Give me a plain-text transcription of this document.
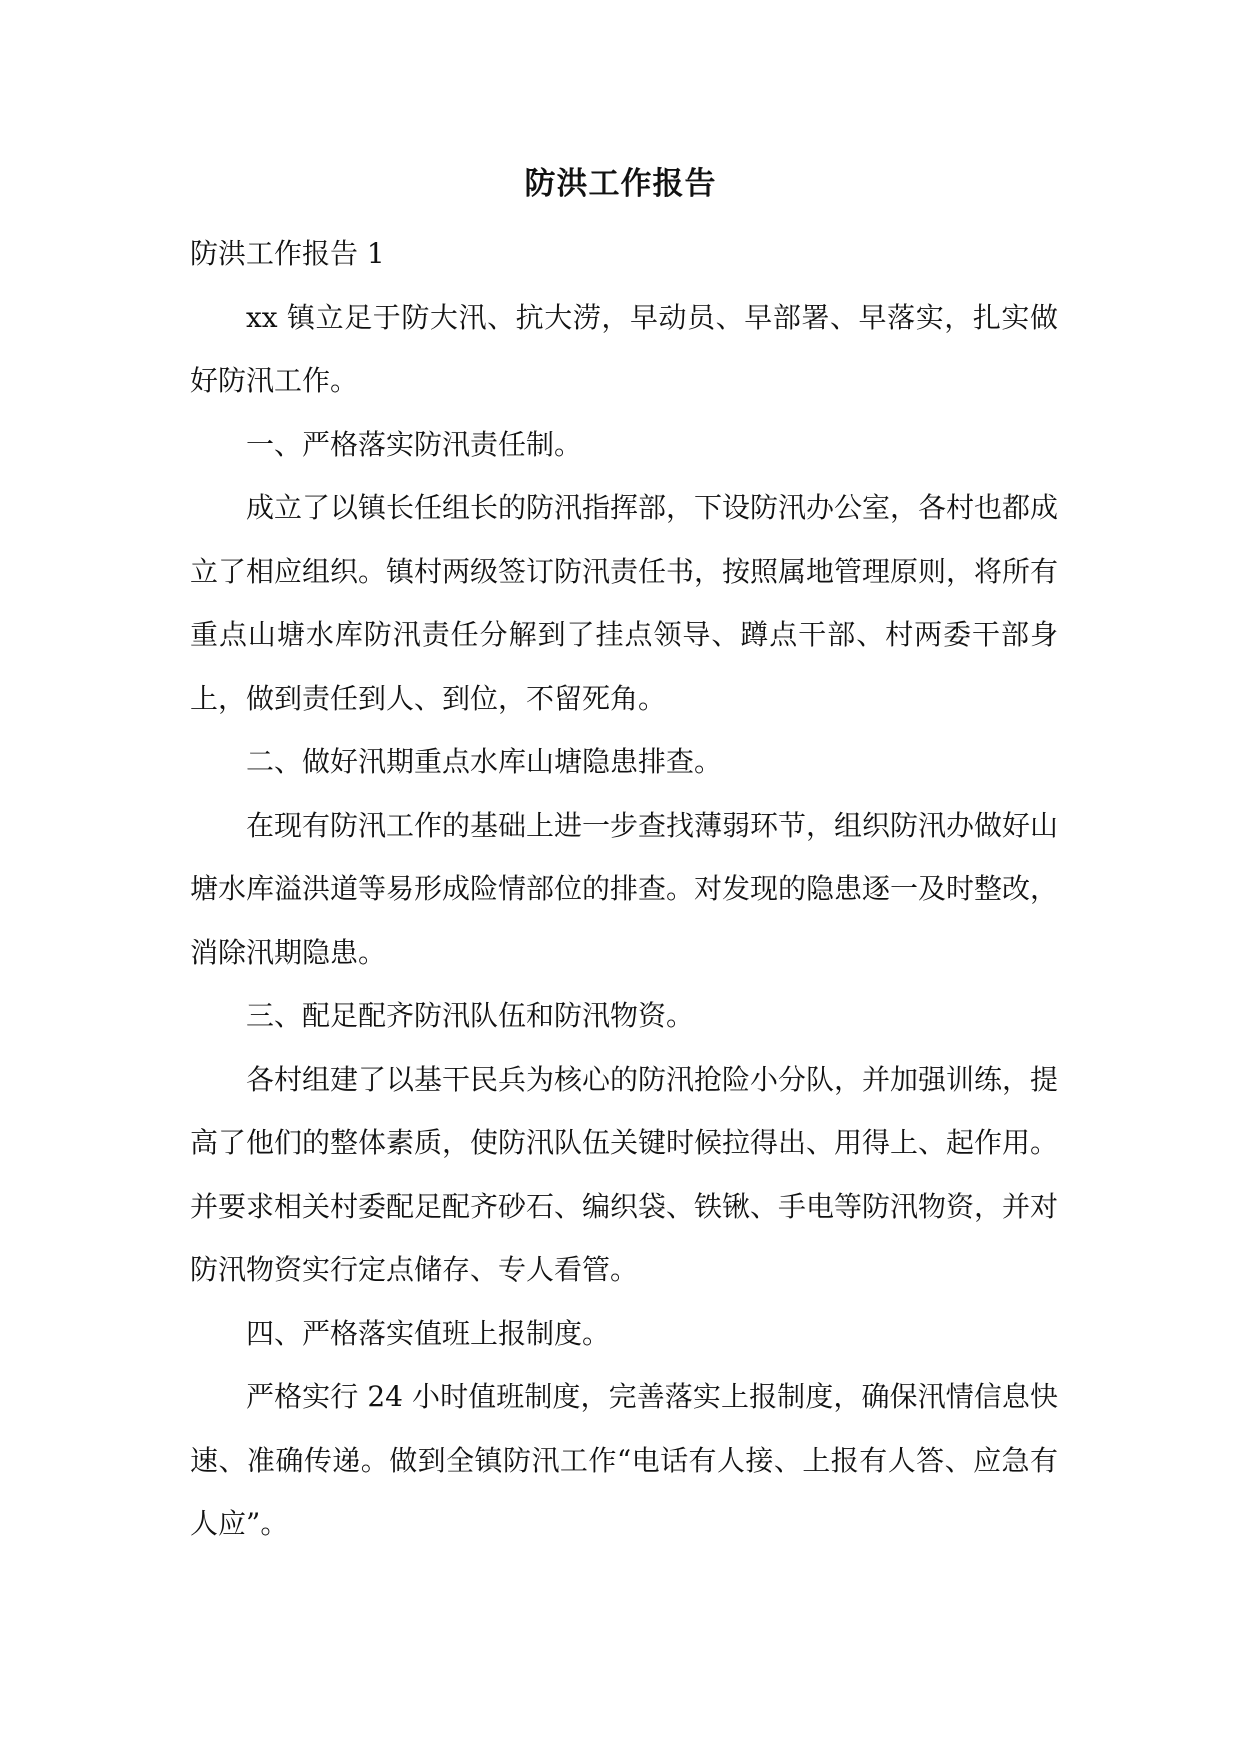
防洪工作报告

防洪工作报告 1

xx 镇立足于防大汛、抗大涝，早动员、早部署、早落实，扎实做好防汛工作。

一、严格落实防汛责任制。

成立了以镇长任组长的防汛指挥部，下设防汛办公室，各村也都成立了相应组织。镇村两级签订防汛责任书，按照属地管理原则，将所有重点山塘水库防汛责任分解到了挂点领导、蹲点干部、村两委干部身上，做到责任到人、到位，不留死角。

二、做好汛期重点水库山塘隐患排查。

在现有防汛工作的基础上进一步查找薄弱环节，组织防汛办做好山塘水库溢洪道等易形成险情部位的排查。对发现的隐患逐一及时整改，消除汛期隐患。

三、配足配齐防汛队伍和防汛物资。

各村组建了以基干民兵为核心的防汛抢险小分队，并加强训练，提高了他们的整体素质，使防汛队伍关键时候拉得出、用得上、起作用。并要求相关村委配足配齐砂石、编织袋、铁锹、手电等防汛物资，并对防汛物资实行定点储存、专人看管。

四、严格落实值班上报制度。

严格实行 24 小时值班制度，完善落实上报制度，确保汛情信息快速、准确传递。做到全镇防汛工作“电话有人接、上报有人答、应急有人应”。
